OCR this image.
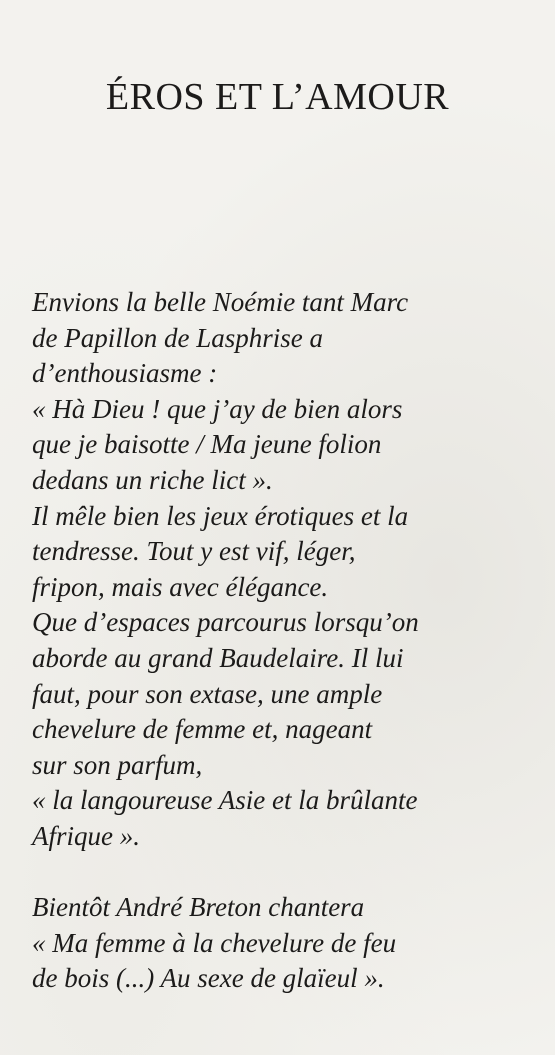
ÉROS ET L’AMOUR
Envions la belle Noémie tant Marc
de Papillon de Lasphrise a
d’enthousiasme :
« Hà Dieu ! que j’ay de bien alors
que je baisotte / Ma jeune folion
dedans un riche lict ».
Il mêle bien les jeux érotiques et la
tendresse. Tout y est vif, léger,
fripon, mais avec élégance.
Que d’espaces parcourus lorsqu’on
aborde au grand Baudelaire. Il lui
faut, pour son extase, une ample
chevelure de femme et, nageant
sur son parfum,
« la langoureuse Asie et la brûlante
Afrique ».
Bientôt André Breton chantera
« Ma femme à la chevelure de feu
de bois (...) Au sexe de glaïeul ».
